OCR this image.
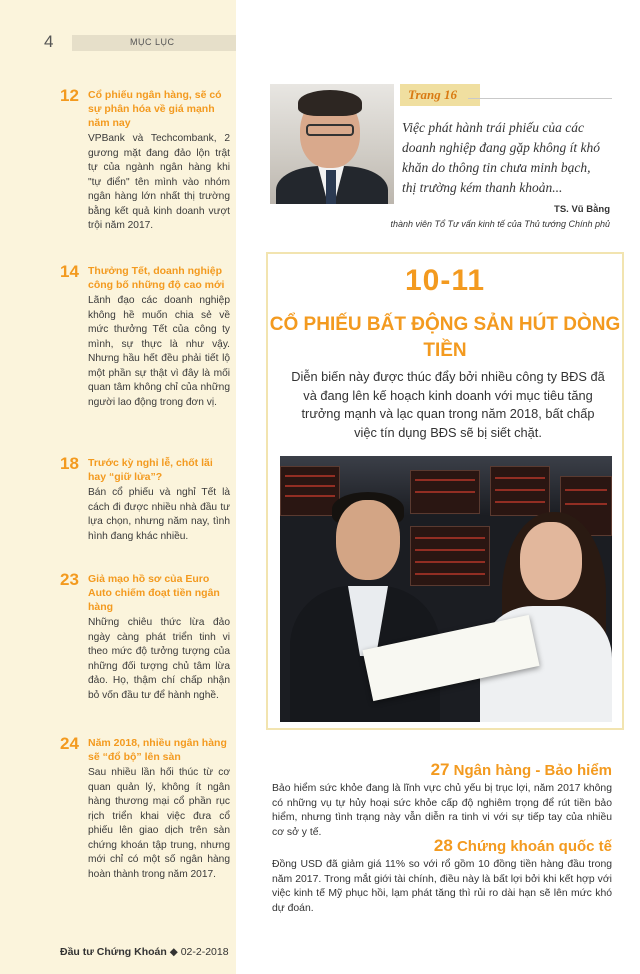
4	MỤC LỤC
12 Cổ phiếu ngân hàng, sẽ có sự phân hóa về giá mạnh năm nay
VPBank và Techcombank, 2 gương mặt đang đảo lộn trật tự của ngành ngân hàng khi "tự điển" tên mình vào nhóm ngân hàng lớn nhất thị trường bằng kết quả kinh doanh vượt trội năm 2017.
14 Thưởng Tết, doanh nghiệp công bố những độ cao mới
Lãnh đạo các doanh nghiệp không hề muốn chia sẻ về mức thưởng Tết của công ty mình, sự thực là như vậy. Nhưng hầu hết đều phải tiết lộ một phần sự thật vì đây là mối quan tâm không chỉ của những người lao động trong đơn vị.
18 Trước kỳ nghỉ lễ, chốt lãi hay “giữ lửa”?
Bán cổ phiếu và nghỉ Tết là cách đi được nhiều nhà đầu tư lựa chọn, nhưng năm nay, tình hình đang khác nhiều.
23 Giả mạo hồ sơ của Euro Auto chiếm đoạt tiền ngân hàng
Những chiêu thức lừa đảo ngày càng phát triển tinh vi theo mức độ tưởng tượng của những đối tượng chủ tâm lừa đảo. Họ, thậm chí chấp nhận bỏ vốn đầu tư để hành nghề.
24 Năm 2018, nhiều ngân hàng sẽ “đổ bộ” lên sàn
Sau nhiều lần hối thúc từ cơ quan quản lý, không ít ngân hàng thương mại cổ phần rục rịch triển khai việc đưa cổ phiếu lên giao dịch trên sàn chứng khoán tập trung, nhưng mới chỉ có một số ngân hàng hoàn thành trong năm 2017.
Đầu tư Chứng Khoán ◆ 02-2-2018
Trang 16
Việc phát hành trái phiếu của các doanh nghiệp đang gặp không ít khó khăn do thông tin chưa minh bạch, thị trường kém thanh khoản...
TS. Vũ Bằng
thành viên Tổ Tư vấn kinh tế của Thủ tướng Chính phủ
10-11
CỔ PHIẾU BẤT ĐỘNG SẢN HÚT DÒNG TIỀN
Diễn biến này được thúc đẩy bởi nhiều công ty BĐS đã và đang lên kế hoạch kinh doanh với mục tiêu tăng trưởng mạnh và lạc quan trong năm 2018, bất chấp việc tín dụng BĐS sẽ bị siết chặt.
27 Ngân hàng - Bảo hiểm
Bảo hiểm sức khỏe đang là lĩnh vực chủ yếu bị trục lợi, năm 2017 không có những vụ tự hủy hoại sức khỏe cấp độ nghiêm trọng để rút tiền bảo hiểm, nhưng tình trạng này vẫn diễn ra tinh vi với sự tiếp tay của nhiều cơ sở y tế.
28 Chứng khoán quốc tế
Đồng USD đã giảm giá 11% so với rổ gồm 10 đồng tiền hàng đầu trong năm 2017. Trong mắt giới tài chính, điều này là bất lợi bởi khi kết hợp với việc kinh tế Mỹ phục hồi, lạm phát tăng thì rủi ro dài hạn sẽ lên mức khó dự đoán.
